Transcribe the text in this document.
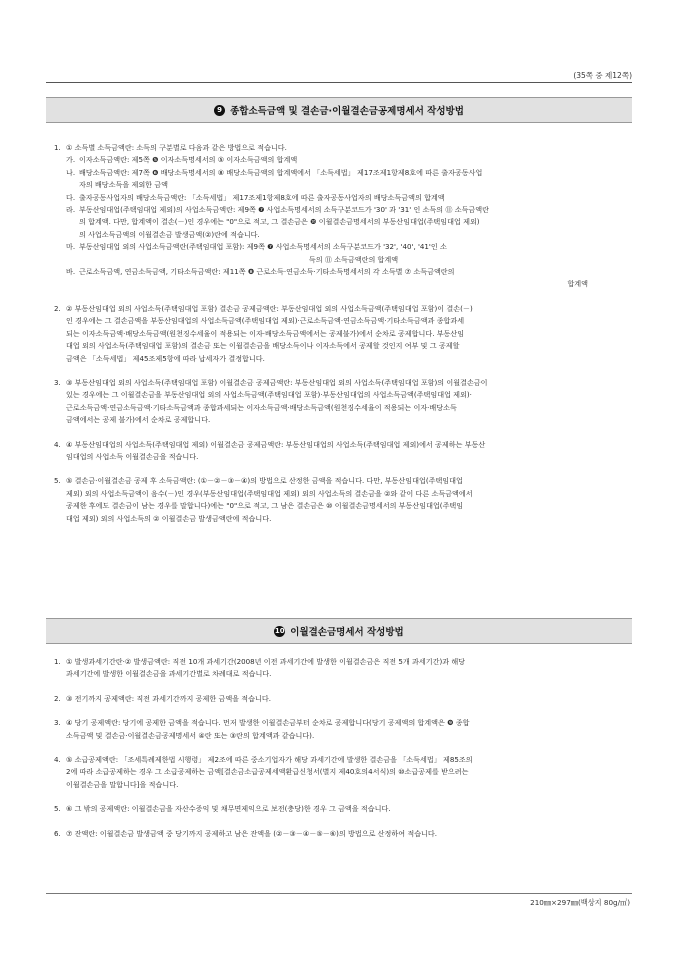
(35쪽 중 제12쪽)
9 종합소득금액 및 결손금·이월결손금공제명세서 작성방법
1. ① 소득별 소득금액란: 소득의 구분별로 다음과 같은 방법으로 적습니다.
가. 이자소득금액란: 제5쪽 ❺ 이자소득명세서의 ⑤ 이자소득금액의 합계액
나. 배당소득금액란: 제7쪽 ❻ 배당소득명세서의 ⑧ 배당소득금액의 합계액에서 「소득세법」 제17조제1항제8호에 따른 출자공동사업
자의 배당소득을 제외한 금액
다. 출자공동사업자의 배당소득금액란: 「소득세법」 제17조제1항제8호에 따른 출자공동사업자의 배당소득금액의 합계액
라. 부동산임대업(주택임대업 제외)의 사업소득금액란: 제9쪽 ❼ 사업소득명세서의 소득구분코드가 '30' 과 '31' 인 소득의 ⑪ 소득금액란
의 합계액. 다만, 합계액이 결손(－)인 경우에는 "0"으로 적고, 그 결손금은 ❿ 이월결손금명세서의 부동산임대업(주택임대업 제외)
의 사업소득금액의 이월결손금 발생금액(②)란에 적습니다.
마. 부동산임대업 외의 사업소득금액란(주택임대업 포함): 제9쪽 ❼ 사업소득명세서의 소득구분코드가 '32', '40', '41'인 소
득의 ⑪ 소득금액란의 합계액
바. 근로소득금액, 연금소득금액, 기타소득금액란: 제11쪽 ❽ 근로소득·연금소득·기타소득명세서의 각 소득별 ⑦ 소득금액란의
합계액
2. ② 부동산임대업 외의 사업소득(주택임대업 포함) 결손금 공제금액란: 부동산임대업 외의 사업소득금액(주택임대업 포함)이 결손(－)
인 경우에는 그 결손금액을 부동산임대업의 사업소득금액(주택임대업 제외)·근로소득금액·연금소득금액·기타소득금액과 종합과세
되는 이자소득금액·배당소득금액(원천징수세율이 적용되는 이자·배당소득금액에서는 공제불가)에서 순차로 공제합니다. 부동산임
대업 외의 사업소득(주택임대업 포함)의 결손금 또는 이월결손금을 배당소득이나 이자소득에서 공제할 것인지 여부 및 그 공제할
금액은 「소득세법」 제45조제5항에 따라 납세자가 결정합니다.
3. ③ 부동산임대업 외의 사업소득(주택임대업 포함) 이월결손금 공제금액란: 부동산임대업 외의 사업소득(주택임대업 포함)의 이월결손금이
있는 경우에는 그 이월결손금을 부동산임대업 외의 사업소득금액(주택임대업 포함)·부동산임대업의 사업소득금액(주택임대업 제외)·
근로소득금액·연금소득금액·기타소득금액과 종합과세되는 이자소득금액·배당소득금액(원천징수세율이 적용되는 이자·배당소득
금액에서는 공제 불가)에서 순차로 공제합니다.
4. ④ 부동산임대업의 사업소득(주택임대업 제외) 이월결손금 공제금액란: 부동산임대업의 사업소득(주택임대업 제외)에서 공제하는 부동산
임대업의 사업소득 이월결손금을 적습니다.
5. ⑤ 결손금·이월결손금 공제 후 소득금액란: (①－②－③－④)의 방법으로 산정한 금액을 적습니다. 다만, 부동산임대업(주택임대업
제외) 외의 사업소득금액이 음수(－)인 경우(부동산임대업(주택임대업 제외) 외의 사업소득의 결손금을 ②와 같이 다른 소득금액에서
공제한 후에도 결손금이 남는 경우를 말합니다)에는 "0"으로 적고, 그 남은 결손금은 ⑩ 이월결손금명세서의 부동산임대업(주택임
대업 제외) 외의 사업소득의 ② 이월결손금 발생금액란에 적습니다.
10 이월결손금명세서 작성방법
1. ① 발생과세기간란·② 발생금액란: 직전 10개 과세기간(2008년 이전 과세기간에 발생한 이월결손금은 직전 5개 과세기간)과 해당
과세기간에 발생한 이월결손금을 과세기간별로 차례대로 적습니다.
2. ③ 전기까지 공제액란: 직전 과세기간까지 공제한 금액을 적습니다.
3. ④ 당기 공제액란: 당기에 공제한 금액을 적습니다. 먼저 발생한 이월결손금부터 순차로 공제합니다(당기 공제액의 합계액은 ❾ 종합
소득금액 및 결손금·이월결손금공제명세서 ④란 또는 ③란의 합계액과 같습니다).
4. ⑤ 소급공제액란: 「조세특례제한법 시행령」 제2조에 따른 중소기업자가 해당 과세기간에 발생한 결손금을 「소득세법」 제85조의
2에 따라 소급공제하는 경우 그 소급공제하는 금액[결손금소급공제세액환급신청서(별지 제40호의4서식)의 ⑩소급공제를 받으려는
이월결손금을 말합니다]을 적습니다.
5. ⑥ 그 밖의 공제액란: 이월결손금을 자산수증익 및 채무면제익으로 보전(충당)한 경우 그 금액을 적습니다.
6. ⑦ 잔액란: 이월결손금 발생금액 중 당기까지 공제하고 남은 잔액을 (②－③－④－⑤－⑥)의 방법으로 산정하여 적습니다.
210㎜×297㎜(백상지 80g/㎡)
